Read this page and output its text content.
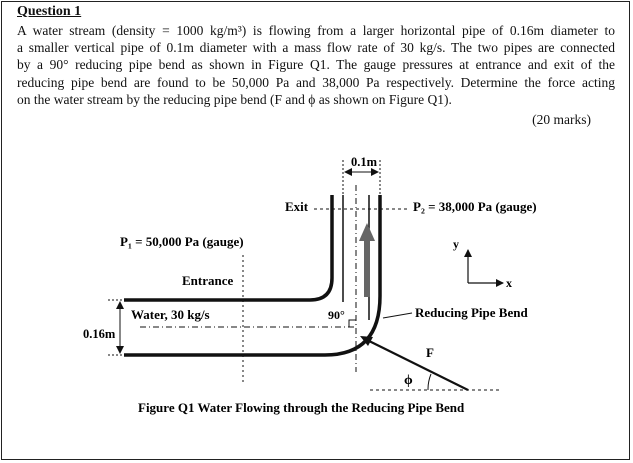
Question 1
A water stream (density = 1000 kg/m³) is flowing from a larger horizontal pipe of 0.16m diameter to
a smaller vertical pipe of 0.1m diameter with a mass flow rate of 30 kg/s. The two pipes are connected
by a 90° reducing pipe bend as shown in Figure Q1. The gauge pressures at entrance and exit of the
reducing pipe bend are found to be 50,000 Pa and 38,000 Pa respectively. Determine the force acting
on the water stream by the reducing pipe bend (F and ϕ as shown on Figure Q1).
(20 marks)
0.1m
Exit	P₂ = 38,000 Pa (gauge)
P₁ = 50,000 Pa (gauge)
Entrance
Water, 30 kg/s
0.16m
90°
y
x
Reducing Pipe Bend
F
ϕ
Figure Q1 Water Flowing through the Reducing Pipe Bend
